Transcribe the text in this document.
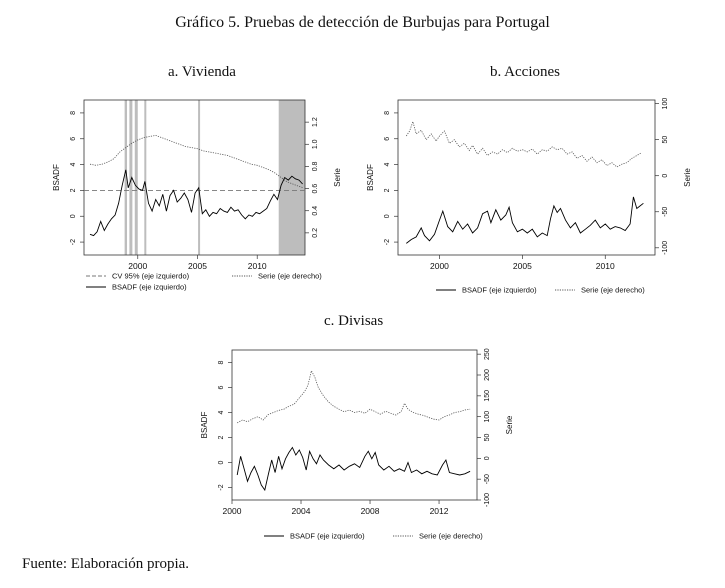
Gráfico 5. Pruebas de detección de Burbujas para Portugal
a. Vivienda	b. Acciones
c. Divisas
Fuente: Elaboración propia.
-2
0
2
4
6
8
0.2
0.4
0.6
0.8
1.0
1.2
2000	2005	2010
BSADF	Serie
CV 95% (eje izquierdo)	Serie (eje derecho)
BSADF (eje izquierdo)
-2
0
2
4
6
8
-100
-50
0
50
100
2000	2005	2010
BSADF	Serie
BSADF (eje izquierdo)	Serie (eje derecho)
-2
0
2
4
6
8
-100
-50
0
50
100
150
200
250
2000	2004	2008	2012
BSADF	Serie
BSADF (eje izquierdo)	Serie (eje derecho)
